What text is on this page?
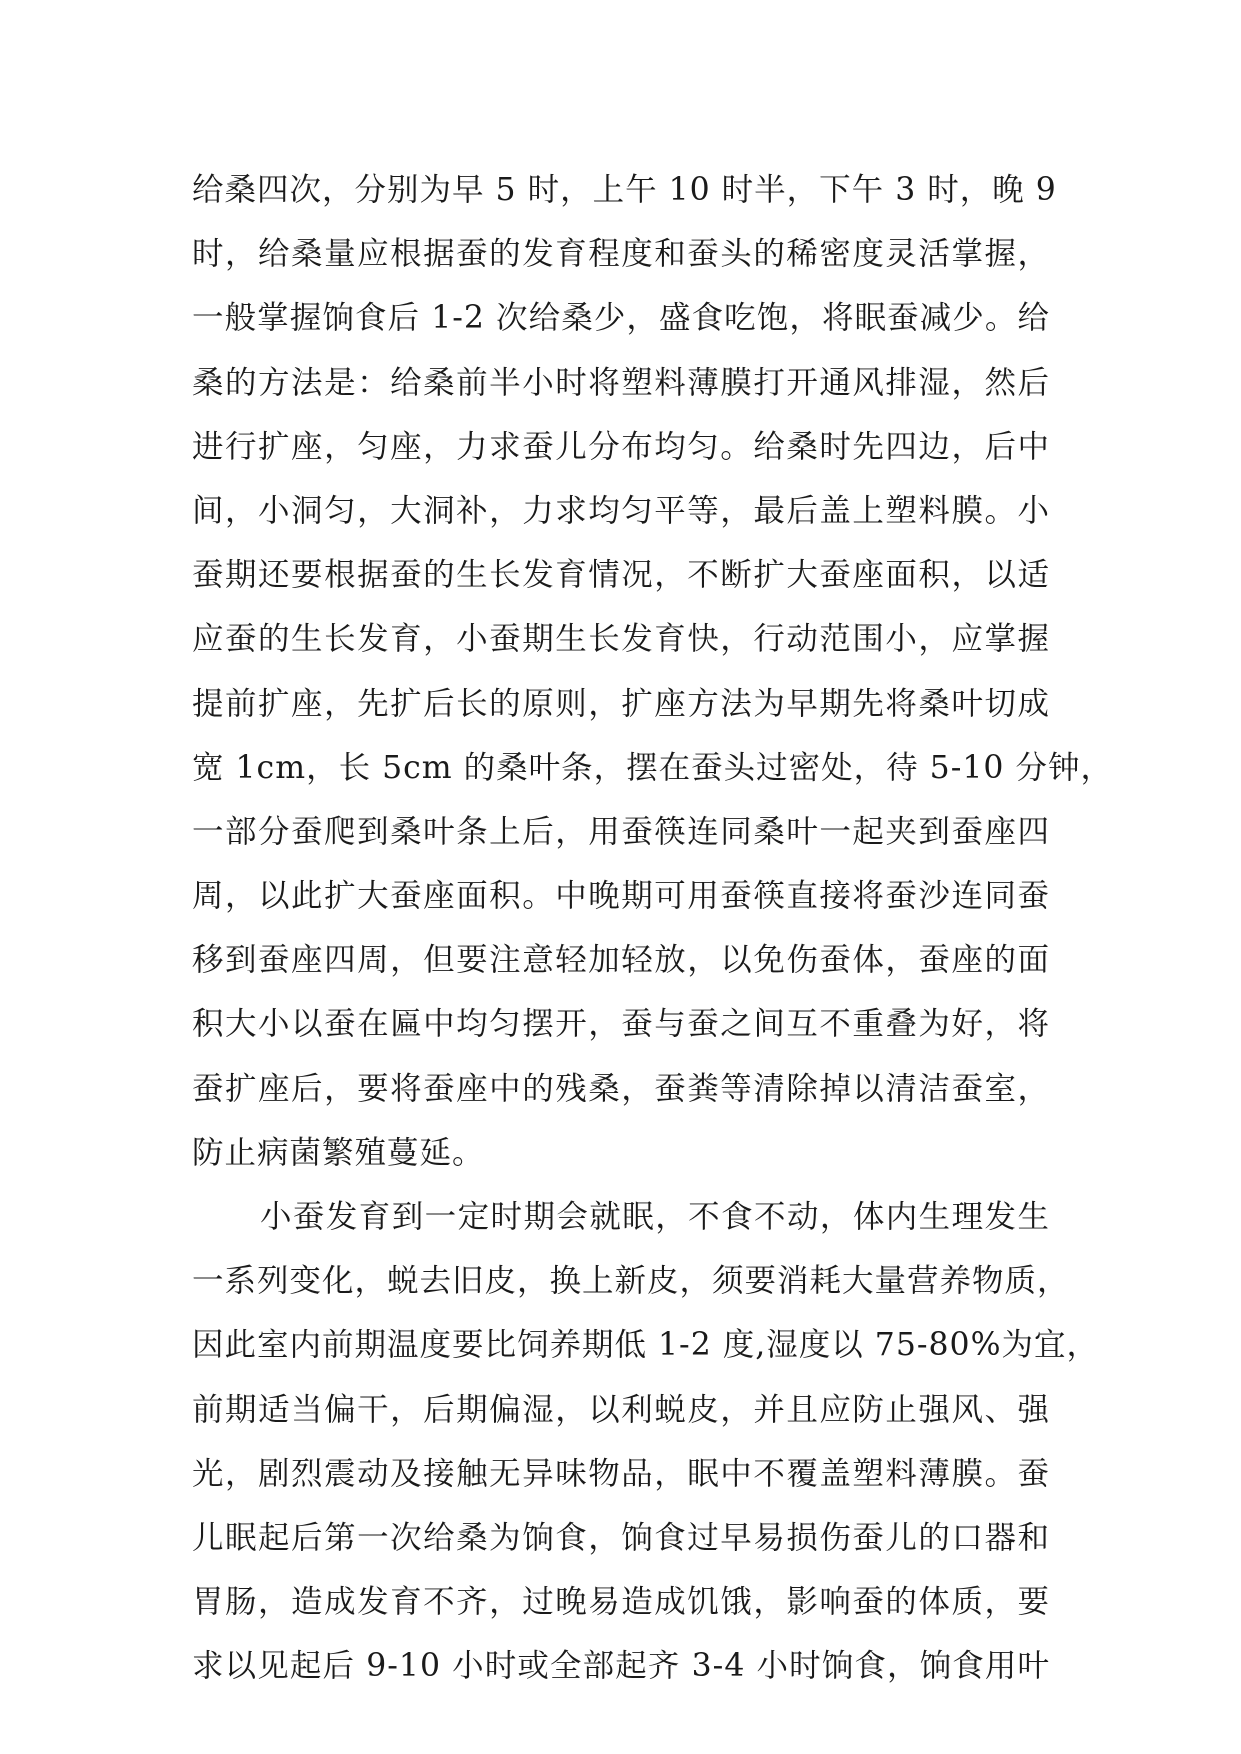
给桑四次，分别为早 5 时，上午 10 时半，下午 3 时，晚 9
时，给桑量应根据蚕的发育程度和蚕头的稀密度灵活掌握，
一般掌握饷食后 1-2 次给桑少，盛食吃饱，将眠蚕减少。给
桑的方法是：给桑前半小时将塑料薄膜打开通风排湿，然后
进行扩座，匀座，力求蚕儿分布均匀。给桑时先四边，后中
间，小洞匀，大洞补，力求均匀平等，最后盖上塑料膜。小
蚕期还要根据蚕的生长发育情况，不断扩大蚕座面积，以适
应蚕的生长发育，小蚕期生长发育快，行动范围小，应掌握
提前扩座，先扩后长的原则，扩座方法为早期先将桑叶切成
宽 1cm，长 5cm 的桑叶条，摆在蚕头过密处，待 5-10 分钟，
一部分蚕爬到桑叶条上后，用蚕筷连同桑叶一起夹到蚕座四
周，以此扩大蚕座面积。中晚期可用蚕筷直接将蚕沙连同蚕
移到蚕座四周，但要注意轻加轻放，以免伤蚕体，蚕座的面
积大小以蚕在匾中均匀摆开，蚕与蚕之间互不重叠为好，将
蚕扩座后，要将蚕座中的残桑，蚕粪等清除掉以清洁蚕室，
防止病菌繁殖蔓延。
小蚕发育到一定时期会就眠，不食不动，体内生理发生
一系列变化，蜕去旧皮，换上新皮，须要消耗大量营养物质，
因此室内前期温度要比饲养期低 1-2 度,湿度以 75-80%为宜，
前期适当偏干，后期偏湿，以利蜕皮，并且应防止强风、强
光，剧烈震动及接触无异味物品，眠中不覆盖塑料薄膜。蚕
儿眠起后第一次给桑为饷食，饷食过早易损伤蚕儿的口器和
胃肠，造成发育不齐，过晚易造成饥饿，影响蚕的体质，要
求以见起后 9-10 小时或全部起齐 3-4 小时饷食，饷食用叶
